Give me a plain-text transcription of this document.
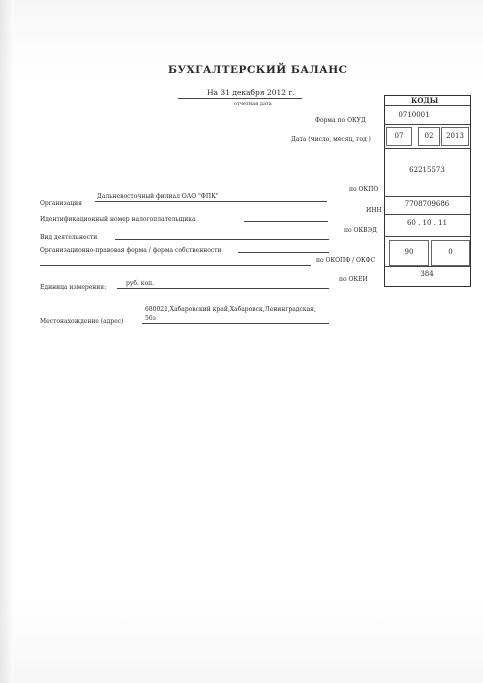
БУХГАЛТЕРСКИЙ БАЛАНС
На 31 декабря 2012 г.
отчетная дата	КОДЫ
Форма по ОКУД
0710001
Дата (число, месяц, год )	07	02	2013
по ОКПО
62215573
ИНН
7708709686
по ОКВЭД
60 . 10 . 11
по ОКОПФ / ОКФС
90	0
по ОКЕИ
384
Организация
Дальневосточный филиал ОАО "ФПК"
Идентификационный номер налогоплательщика
Вид деятельности
Организационно-правовая форма / форма собственности
Единица измерения:
руб. коп.
Местонахождение (адрес)
680021,Хабаровский край,Хабаровск,Ленинградская,
56з
